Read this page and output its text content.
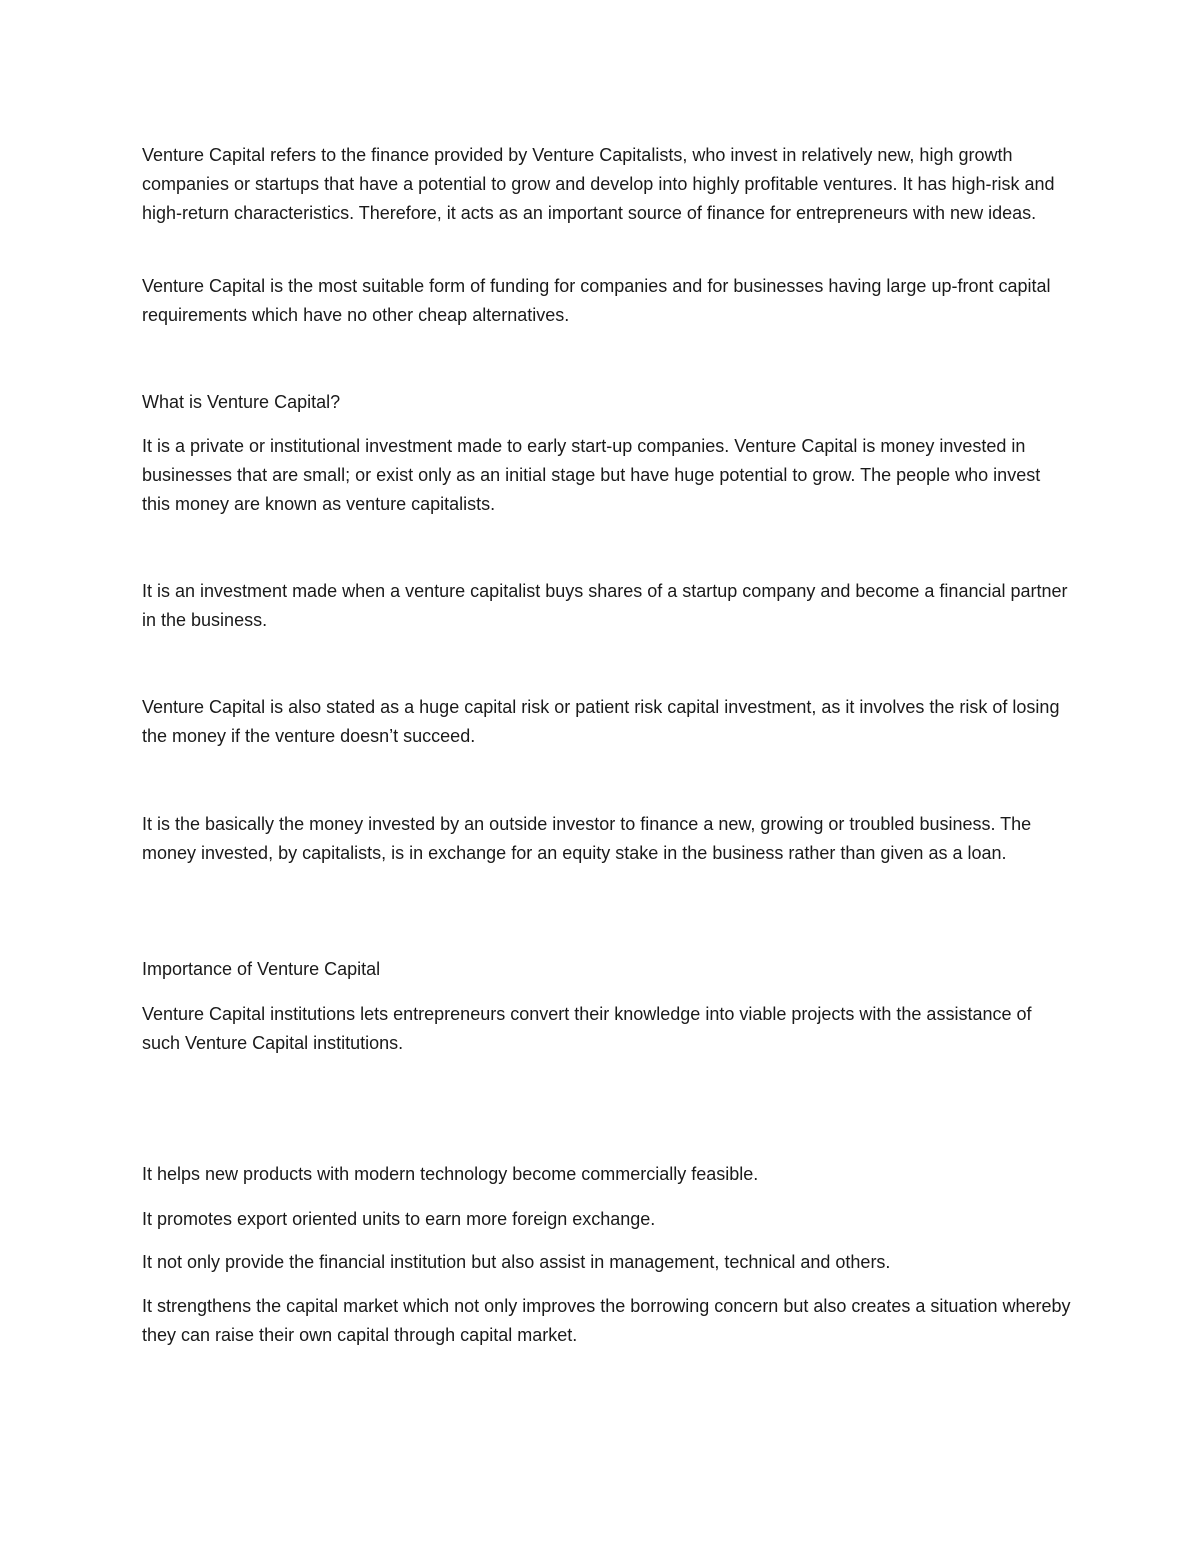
Venture Capital refers to the finance provided by Venture Capitalists, who invest in relatively new, high growth companies or startups that have a potential to grow and develop into highly profitable ventures. It has high-risk and high-return characteristics. Therefore, it acts as an important source of finance for entrepreneurs with new ideas.

Venture Capital is the most suitable form of funding for companies and for businesses having large up-front capital requirements which have no other cheap alternatives.

What is Venture Capital?

It is a private or institutional investment made to early start-up companies. Venture Capital is money invested in businesses that are small; or exist only as an initial stage but have huge potential to grow. The people who invest this money are known as venture capitalists.

It is an investment made when a venture capitalist buys shares of a startup company and become a financial partner in the business.

Venture Capital is also stated as a huge capital risk or patient risk capital investment, as it involves the risk of losing the money if the venture doesn’t succeed.

It is the basically the money invested by an outside investor to finance a new, growing or troubled business. The money invested, by capitalists, is in exchange for an equity stake in the business rather than given as a loan.

Importance of Venture Capital

Venture Capital institutions lets entrepreneurs convert their knowledge into viable projects with the assistance of such Venture Capital institutions.

It helps new products with modern technology become commercially feasible.

It promotes export oriented units to earn more foreign exchange.

It not only provide the financial institution but also assist in management, technical and others.

It strengthens the capital market which not only improves the borrowing concern but also creates a situation whereby they can raise their own capital through capital market.
